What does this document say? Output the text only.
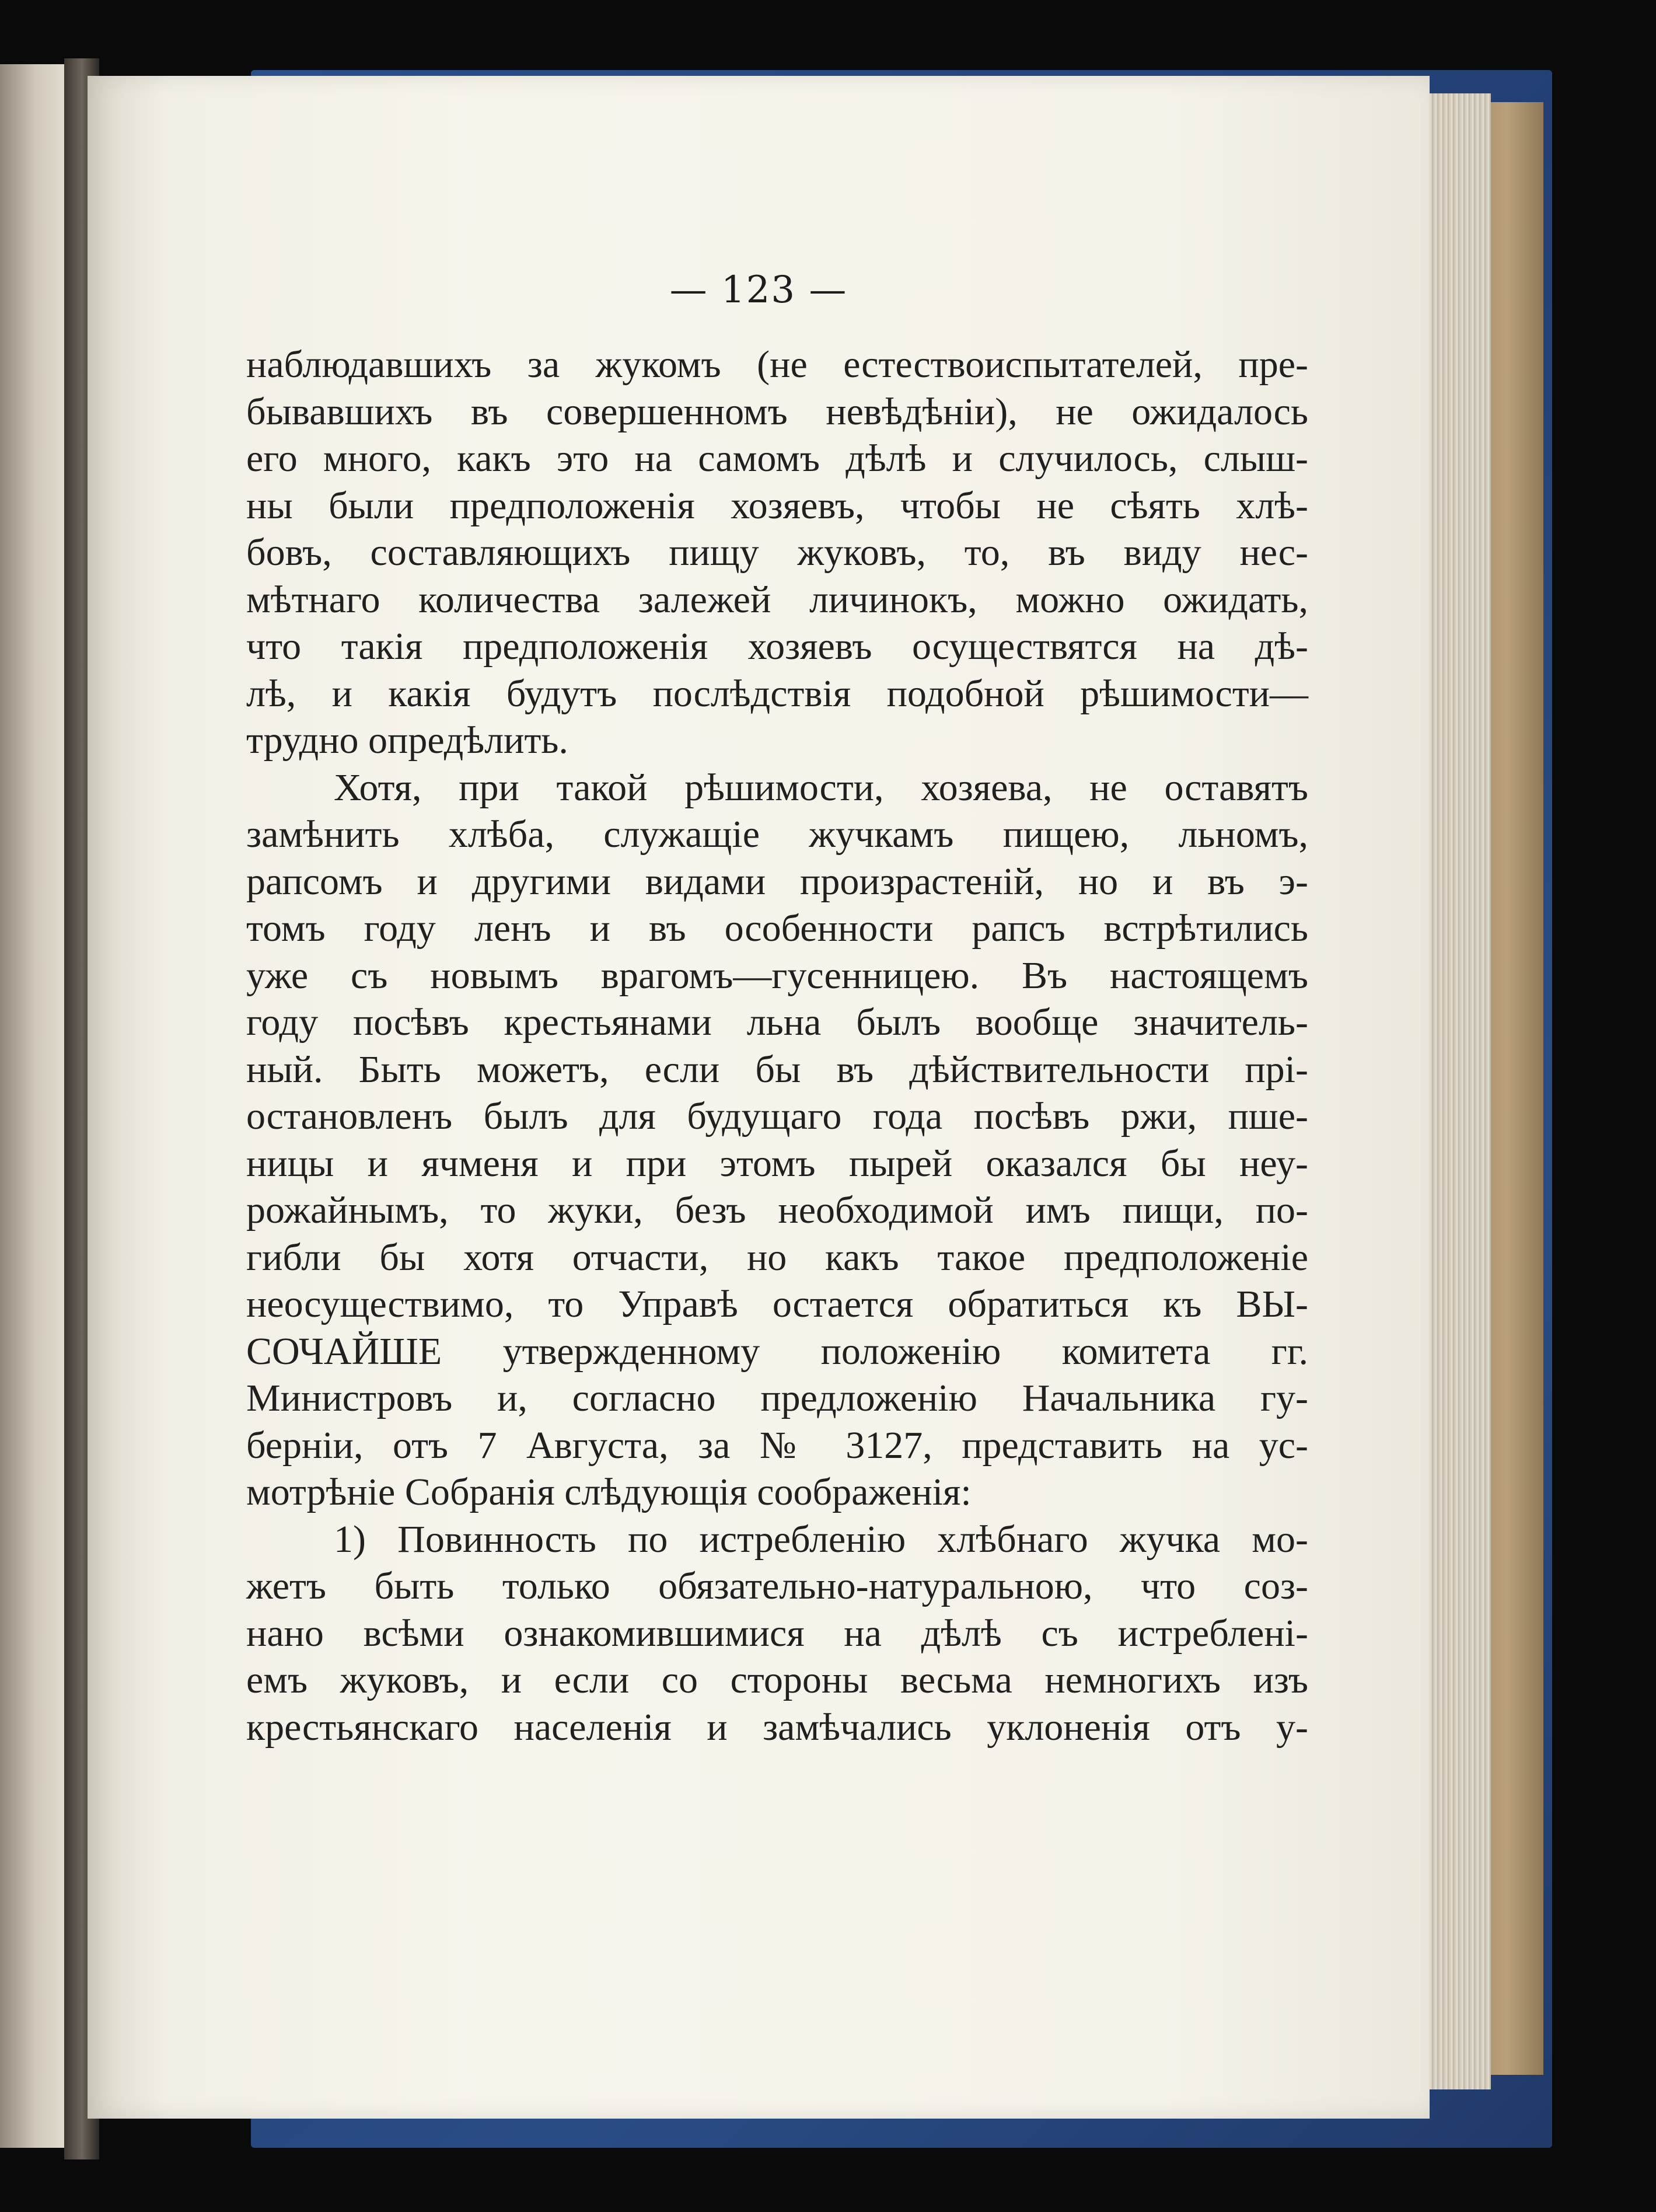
— 123 —
наблюдавшихъ за жукомъ (не естествоиспытателей, пре-
бывавшихъ въ совершенномъ невѣдѣніи), не ожидалось
его много, какъ это на самомъ дѣлѣ и случилось, слыш-
ны были предположенія хозяевъ, чтобы не сѣять хлѣ-
бовъ, составляющихъ пищу жуковъ, то, въ виду нес-
мѣтнаго количества залежей личинокъ, можно ожидать,
что такія предположенія хозяевъ осуществятся на дѣ-
лѣ, и какія будутъ послѣдствія подобной рѣшимости—
трудно опредѣлить.
Хотя, при такой рѣшимости, хозяева, не оставятъ
замѣнить хлѣба, служащіе жучкамъ пищею, льномъ,
рапсомъ и другими видами произрастеній, но и въ э-
томъ году ленъ и въ особенности рапсъ встрѣтились
уже съ новымъ врагомъ—гусенницею. Въ настоящемъ
году посѣвъ крестьянами льна былъ вообще значитель-
ный. Быть можетъ, если бы въ дѣйствительности прі-
остановленъ былъ для будущаго года посѣвъ ржи, пше-
ницы и ячменя и при этомъ пырей оказался бы неу-
рожайнымъ, то жуки, безъ необходимой имъ пищи, по-
гибли бы хотя отчасти, но какъ такое предположеніе
неосуществимо, то Управѣ остается обратиться къ ВЫ-
СОЧАЙШЕ утвержденному положенію комитета гг.
Министровъ и, согласно предложенію Начальника гу-
берніи, отъ 7 Августа, за № 3127, представить на ус-
мотрѣніе Собранія слѣдующія соображенія:
1) Повинность по истребленію хлѣбнаго жучка мо-
жетъ быть только обязательно-натуральною, что соз-
нано всѣми ознакомившимися на дѣлѣ съ истребленi-
емъ жуковъ, и если со стороны весьма немногихъ изъ
крестьянскаго населенія и замѣчались уклоненія отъ у-
